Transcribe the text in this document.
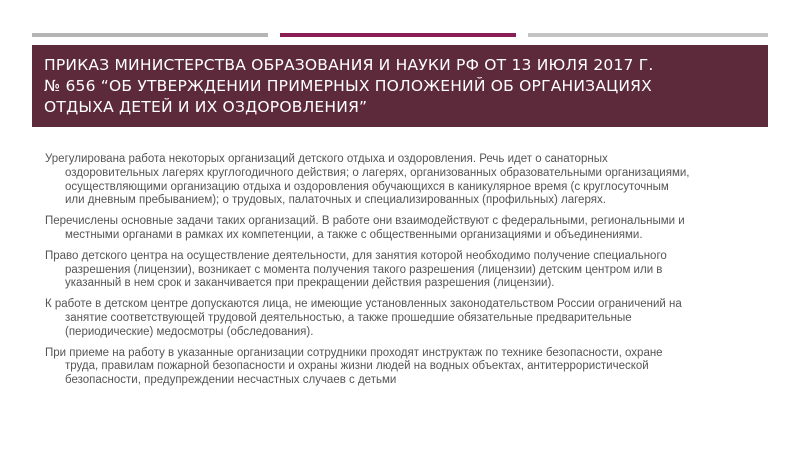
ПРИКАЗ МИНИСТЕРСТВА ОБРАЗОВАНИЯ И НАУКИ РФ ОТ 13 ИЮЛЯ 2017 Г.
№ 656 “ОБ УТВЕРЖДЕНИИ ПРИМЕРНЫХ ПОЛОЖЕНИЙ ОБ ОРГАНИЗАЦИЯХ
ОТДЫХА ДЕТЕЙ И ИХ ОЗДОРОВЛЕНИЯ”
Урегулирована работа некоторых организаций детского отдыха и оздоровления. Речь идет о санаторных
оздоровительных лагерях круглогодичного действия; о лагерях, организованных образовательными организациями,
осуществляющими организацию отдыха и оздоровления обучающихся в каникулярное время (с круглосуточным
или дневным пребыванием); о трудовых, палаточных и специализированных (профильных) лагерях.
Перечислены основные задачи таких организаций. В работе они взаимодействуют с федеральными, региональными и
местными органами в рамках их компетенции, а также с общественными организациями и объединениями.
Право детского центра на осуществление деятельности, для занятия которой необходимо получение специального
разрешения (лицензии), возникает с момента получения такого разрешения (лицензии) детским центром или в
указанный в нем срок и заканчивается при прекращении действия разрешения (лицензии).
К работе в детском центре допускаются лица, не имеющие установленных законодательством России ограничений на
занятие соответствующей трудовой деятельностью, а также прошедшие обязательные предварительные
(периодические) медосмотры (обследования).
При приеме на работу в указанные организации сотрудники проходят инструктаж по технике безопасности, охране
труда, правилам пожарной безопасности и охраны жизни людей на водных объектах, антитеррористической
безопасности, предупреждении несчастных случаев с детьми
